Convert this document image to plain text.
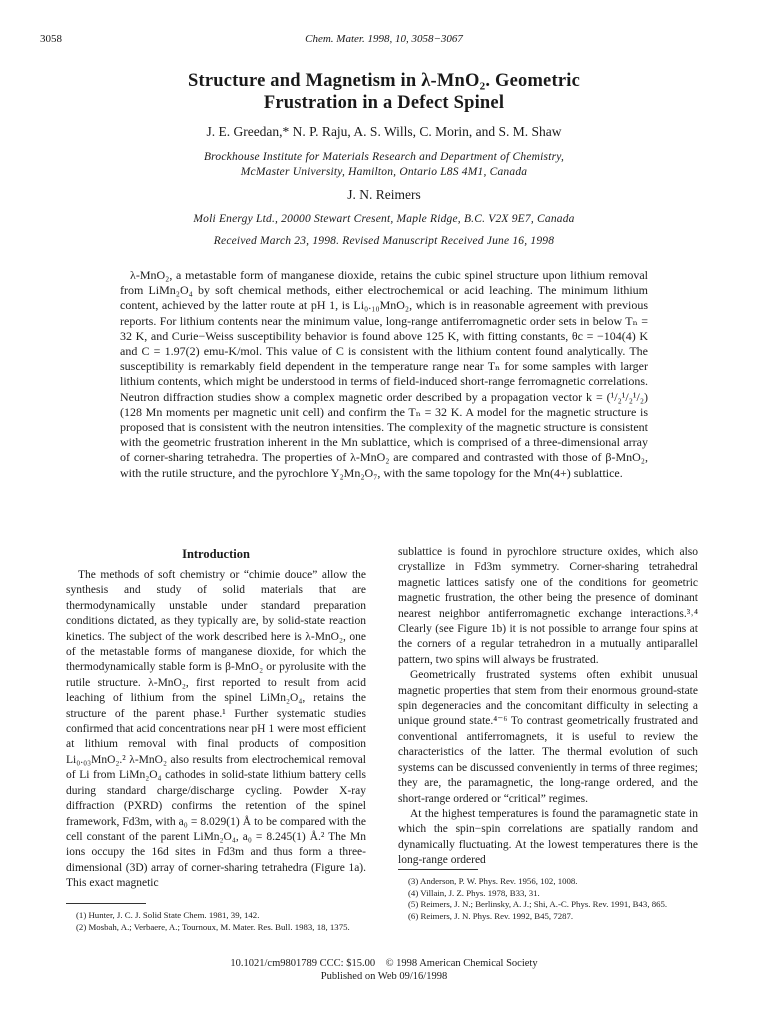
3058	Chem. Mater. 1998, 10, 3058−3067
Structure and Magnetism in λ-MnO₂. Geometric
Frustration in a Defect Spinel
J. E. Greedan,* N. P. Raju, A. S. Wills, C. Morin, and S. M. Shaw
Brockhouse Institute for Materials Research and Department of Chemistry,
McMaster University, Hamilton, Ontario L8S 4M1, Canada
J. N. Reimers
Moli Energy Ltd., 20000 Stewart Cresent, Maple Ridge, B.C. V2X 9E7, Canada
Received March 23, 1998. Revised Manuscript Received June 16, 1998
λ-MnO₂, a metastable form of manganese dioxide, retains the cubic spinel structure upon lithium removal from LiMn₂O₄ by soft chemical methods, either electrochemical or acid leaching. The minimum lithium content, achieved by the latter route at pH 1, is Li₀.₁₀MnO₂, which is in reasonable agreement with previous reports. For lithium contents near the minimum value, long-range antiferromagnetic order sets in below Tₙ = 32 K, and Curie−Weiss susceptibility behavior is found above 125 K, with fitting constants, θc = −104(4) K and C = 1.97(2) emu-K/mol. This value of C is consistent with the lithium content found analytically. The susceptibility is remarkably field dependent in the temperature range near Tₙ for some samples with larger lithium contents, which might be understood in terms of field-induced short-range ferromagnetic correlations. Neutron diffraction studies show a complex magnetic order described by a propagation vector k = (¹/₂¹/₂¹/₂)(128 Mn moments per magnetic unit cell) and confirm the Tₙ = 32 K. A model for the magnetic structure is proposed that is consistent with the neutron intensities. The complexity of the magnetic structure is consistent with the geometric frustration inherent in the Mn sublattice, which is comprised of a three-dimensional array of corner-sharing tetrahedra. The properties of λ-MnO₂ are compared and contrasted with those of β-MnO₂, with the rutile structure, and the pyrochlore Y₂Mn₂O₇, with the same topology for the Mn(4+) sublattice.
Introduction

The methods of soft chemistry or “chimie douce” allow the synthesis and study of solid materials that are thermodynamically unstable under standard preparation conditions dictated, as they typically are, by solid-state reaction kinetics. The subject of the work described here is λ-MnO₂, one of the metastable forms of manganese dioxide, for which the thermodynamically stable form is β-MnO₂ or pyrolusite with the rutile structure. λ-MnO₂, first reported to result from acid leaching of lithium from the spinel LiMn₂O₄, retains the structure of the parent phase.¹ Further systematic studies confirmed that acid concentrations near pH 1 were most efficient at lithium removal with final products of composition Li₀.₀₃MnO₂.² λ-MnO₂ also results from electrochemical removal of Li from LiMn₂O₄ cathodes in solid-state lithium battery cells during standard charge/discharge cycling. Powder X-ray diffraction (PXRD) confirms the retention of the spinel framework, Fd3m, with a₀ = 8.029(1) Å to be compared with the cell constant of the parent LiMn₂O₄, a₀ = 8.245(1) Å.² The Mn ions occupy the 16d sites in Fd3m and thus form a three-dimensional (3D) array of corner-sharing tetrahedra (Figure 1a). This exact magnetic

sublattice is found in pyrochlore structure oxides, which also crystallize in Fd3m symmetry. Corner-sharing tetrahedral magnetic lattices satisfy one of the conditions for geometric magnetic frustration, the other being the presence of dominant nearest neighbor antiferromagnetic exchange interactions.³˒⁴ Clearly (see Figure 1b) it is not possible to arrange four spins at the corners of a regular tetrahedron in a mutually antiparallel pattern, two spins will always be frustrated.

Geometrically frustrated systems often exhibit unusual magnetic properties that stem from their enormous ground-state spin degeneracies and the concomitant difficulty in selecting a unique ground state.⁴⁻⁶ To contrast geometrically frustrated and conventional antiferromagnets, it is useful to review the characteristics of the latter. The thermal evolution of such systems can be discussed conveniently in terms of three regimes; they are, the paramagnetic, the long-range ordered, and the short-range ordered or “critical” regimes.

At the highest temperatures is found the paramagnetic state in which the spin−spin correlations are spatially random and dynamically fluctuating. At the lowest temperatures there is the long-range ordered

(1) Hunter, J. C. J. Solid State Chem. 1981, 39, 142.
(2) Mosbah, A.; Verbaere, A.; Tournoux, M. Mater. Res. Bull. 1983, 18, 1375.
(3) Anderson, P. W. Phys. Rev. 1956, 102, 1008.
(4) Villain, J. Z. Phys. 1978, B33, 31.
(5) Reimers, J. N.; Berlinsky, A. J.; Shi, A.-C. Phys. Rev. 1991, B43, 865.
(6) Reimers, J. N. Phys. Rev. 1992, B45, 7287.
10.1021/cm9801789 CCC: $15.00    © 1998 American Chemical Society
Published on Web 09/16/1998
